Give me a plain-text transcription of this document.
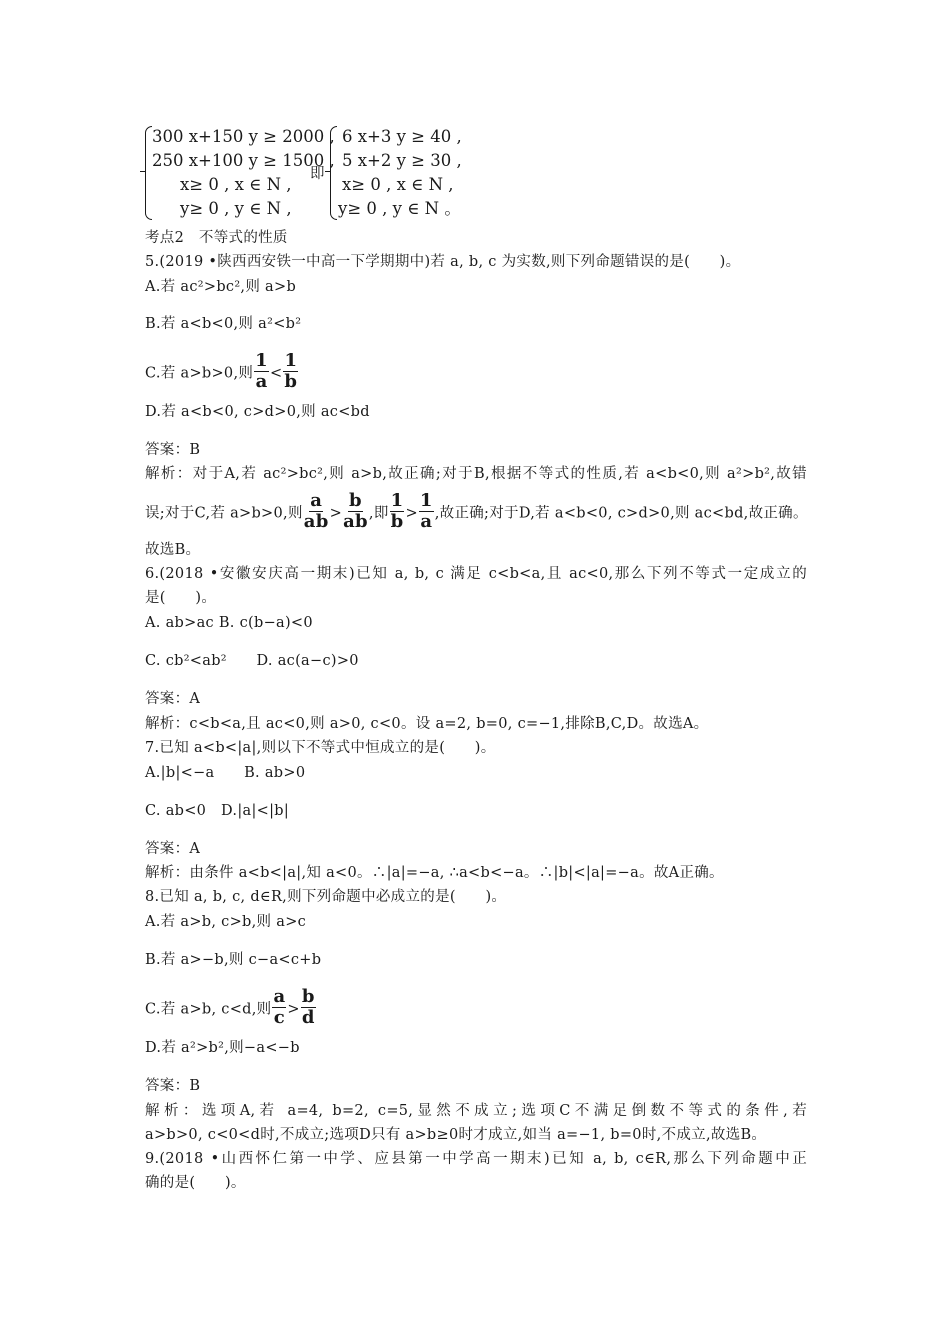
300 x+150 y ≥ 2000 ,
250 x+100 y ≥ 1500 ,
x≥ 0 , x ∈ N ,
y≥ 0 , y ∈ N ,
即
6 x+3 y ≥ 40 ,
5 x+2 y ≥ 30 ,
x≥ 0 , x ∈ N ,
y≥ 0 , y ∈ N 。
考点2　不等式的性质
5.(2019 •陕西西安铁一中高一下学期期中)若 a, b, c 为实数,则下列命题错误的是(　　)。
A.若 ac²>bc²,则 a>b
B.若 a<b<0,则 a²<b²
C.若 a>b>0,则 $\frac{1}{a} < \frac{1}{b}$
D.若 a<b<0, c>d>0,则 ac<bd
答案：B
解析：对于A,若 ac²>bc²,则 a>b,故正确;对于B,根据不等式的性质,若 a<b<0,则 a²>b²,故错
误;对于C,若 a>b>0,则 $\frac{a}{ab} > \frac{b}{ab}$ ,即 $\frac{1}{b} > \frac{1}{a}$ ,故正确;对于D,若 a<b<0, c>d>0,则 ac<bd,故正确。
故选B。
6.(2018 •安徽安庆高一期末)已知 a, b, c 满足 c<b<a,且 ac<0,那么下列不等式一定成立的
是(　　)。
A. ab>ac B. c(b−a)<0
C. cb²<ab²　　D. ac(a−c)>0
答案：A
解析：c<b<a,且 ac<0,则 a>0, c<0。设 a=2, b=0, c=−1,排除B,C,D。故选A。
7.已知 a<b<|a|,则以下不等式中恒成立的是(　　)。
A.|b|<−a　　B. ab>0
C. ab<0　D.|a|<|b|
答案：A
解析：由条件 a<b<|a|,知 a<0。∴|a|=−a, ∴a<b<−a。∴|b|<|a|=−a。故A正确。
8.已知 a, b, c, d∈R,则下列命题中必成立的是(　　)。
A.若 a>b, c>b,则 a>c
B.若 a>−b,则 c−a<c+b
C.若 a>b, c<d,则 $\frac{a}{c} > \frac{b}{d}$
D.若 a²>b²,则−a<−b
答案：B
解析：选项A,若 a=4, b=2, c=5,显然不成立;选项C不满足倒数不等式的条件,若
a>b>0, c<0<d时,不成立;选项D只有 a>b≥0时才成立,如当 a=−1, b=0时,不成立,故选B。
9.(2018 •山西怀仁第一中学、应县第一中学高一期末)已知 a, b, c∈R,那么下列命题中正
确的是(　　)。
